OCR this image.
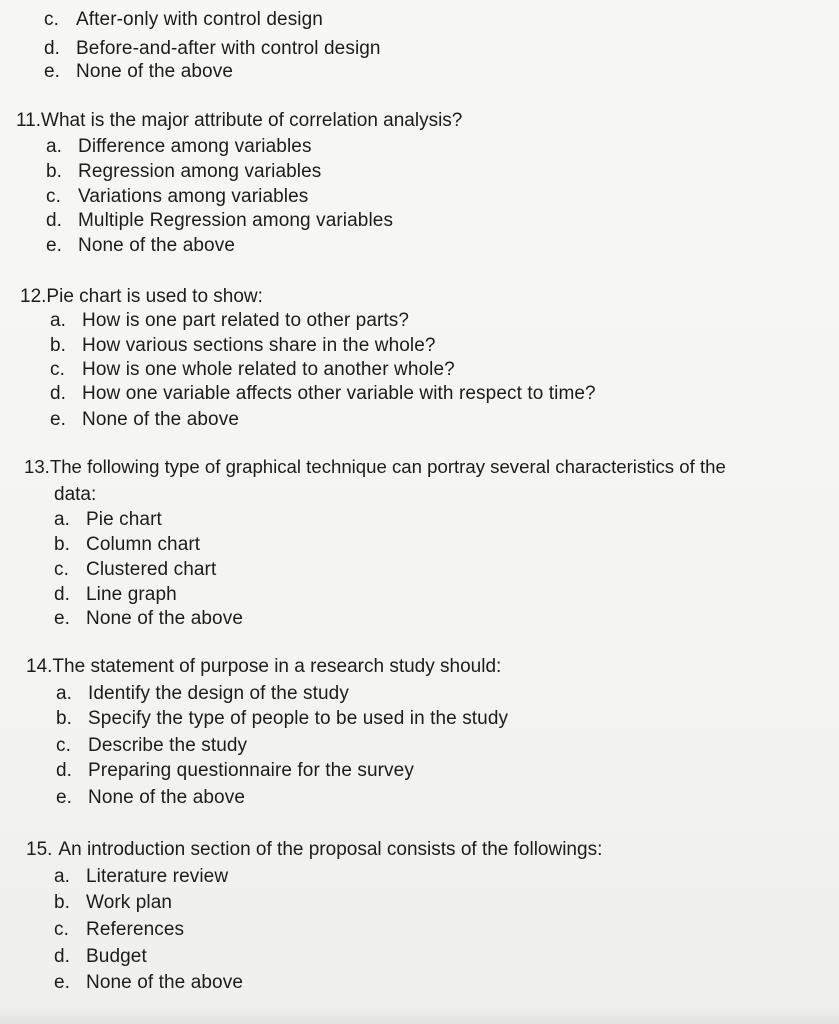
c. After-only with control design
d. Before-and-after with control design
e. None of the above
11.What is the major attribute of correlation analysis?
a. Difference among variables
b. Regression among variables
c. Variations among variables
d. Multiple Regression among variables
e. None of the above
12.Pie chart is used to show:
a. How is one part related to other parts?
b. How various sections share in the whole?
c. How is one whole related to another whole?
d. How one variable affects other variable with respect to time?
e. None of the above
13.The following type of graphical technique can portray several characteristics of the
data:
a. Pie chart
b. Column chart
c. Clustered chart
d. Line graph
e. None of the above
14.The statement of purpose in a research study should:
a. Identify the design of the study
b. Specify the type of people to be used in the study
c. Describe the study
d. Preparing questionnaire for the survey
e. None of the above
15. An introduction section of the proposal consists of the followings:
a. Literature review
b. Work plan
c. References
d. Budget
e. None of the above
